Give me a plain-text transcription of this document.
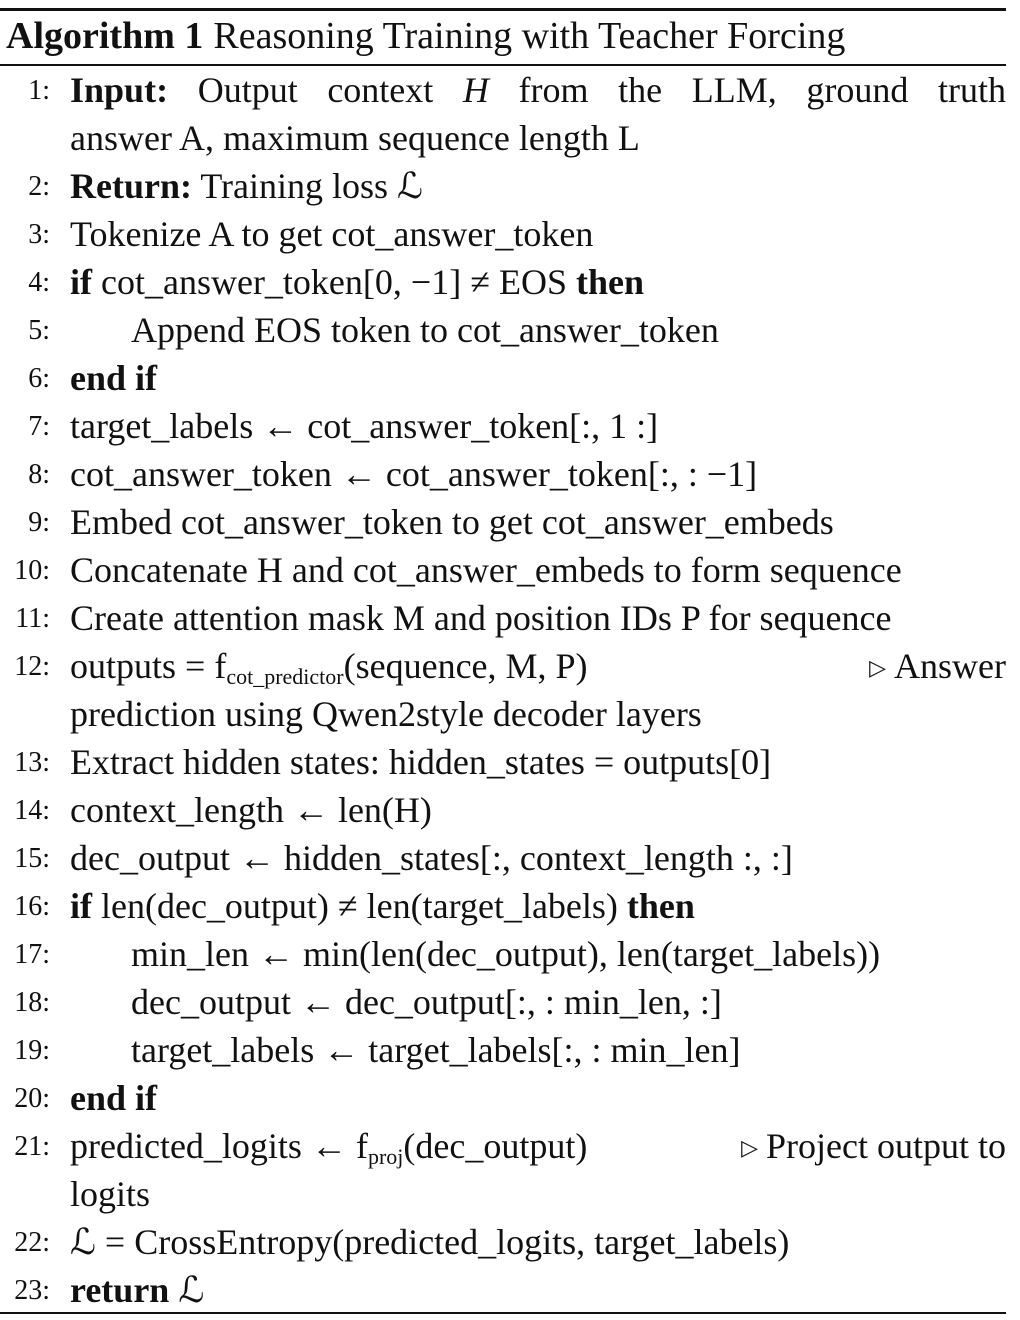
Algorithm 1 Reasoning Training with Teacher Forcing
1: Input: Output context H from the LLM, ground truth
answer A, maximum sequence length L
2: Return: Training loss ℒ
3: Tokenize A to get cot_answer_token
4: if cot_answer_token[0, −1] ≠ EOS then
5: Append EOS token to cot_answer_token
6: end if
7: target_labels ← cot_answer_token[:, 1 :]
8: cot_answer_token ← cot_answer_token[:, : −1]
9: Embed cot_answer_token to get cot_answer_embeds
10: Concatenate H and cot_answer_embeds to form sequence
11: Create attention mask M and position IDs P for sequence
12: outputs = $f_{cot\_predictor}(sequence$, M, P)	▷ Answer
prediction using Qwen2style decoder layers
13: Extract hidden states: hidden_states = outputs[0]
14: context_length ← len(H)
15: dec_output ← hidden_states[:, context_length :, :]
16: if len(dec_output) ≠ len(target_labels) then
17: min_len ← min(len(dec_output), len(target_labels))
18: dec_output ← dec_output[:, : min_len, :]
19: target_labels ← target_labels[:, : min_len]
20: end if
21: predicted_logits ← $f_{proj}(dec\_output)$	▷ Project output to
logits
22: ℒ = CrossEntropy(predicted_logits, target_labels)
23: return ℒ
